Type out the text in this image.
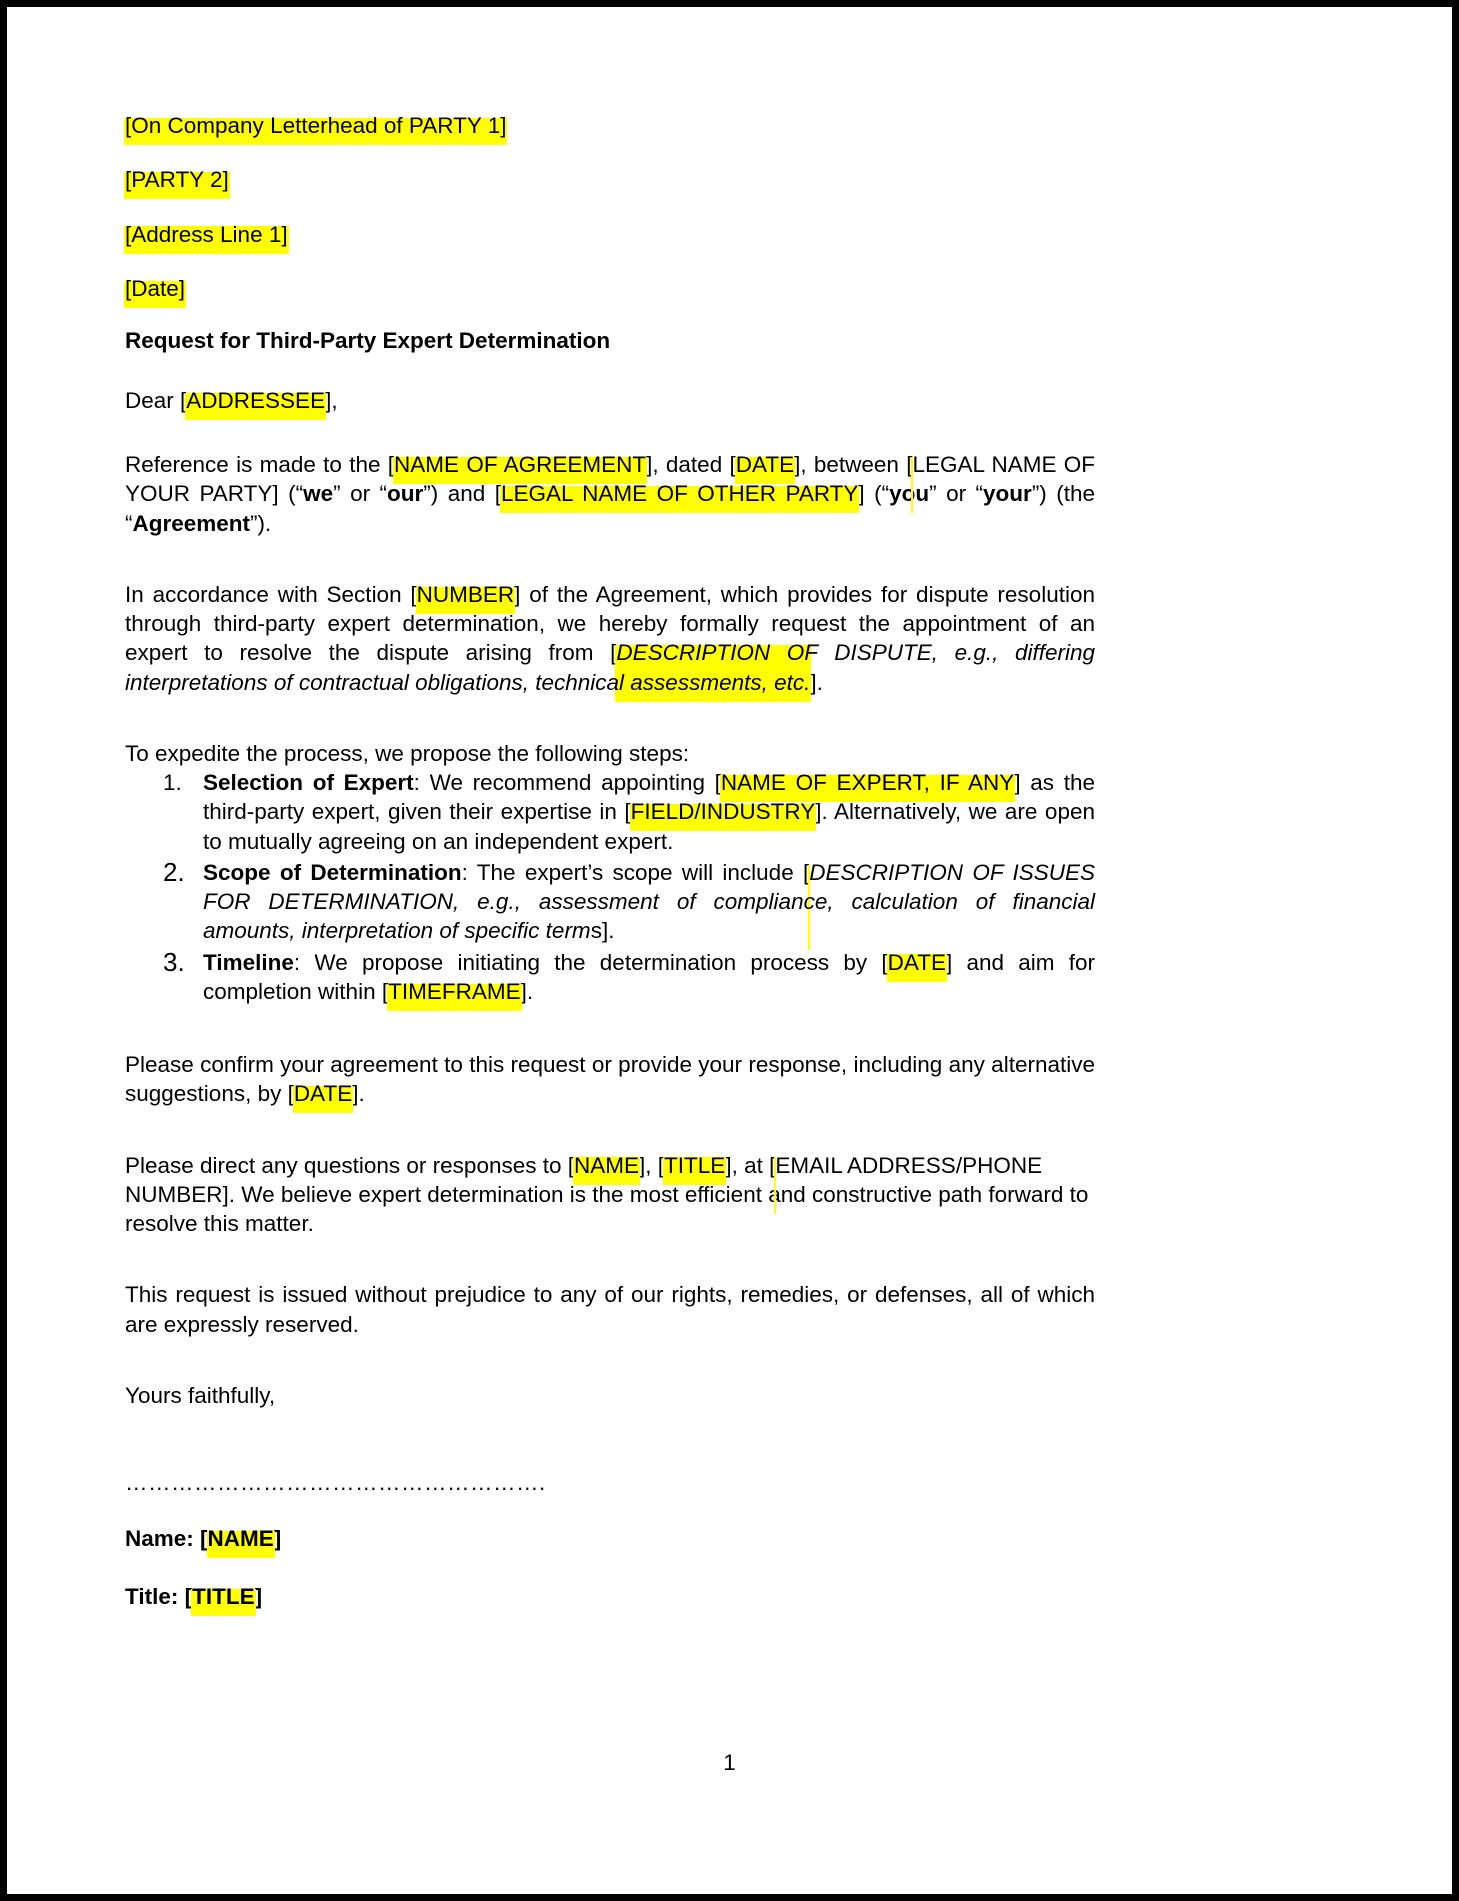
[On Company Letterhead of PARTY 1]
[PARTY 2]
[Address Line 1]
[Date]
Request for Third-Party Expert Determination
Dear [ADDRESSEE],

Reference is made to the [NAME OF AGREEMENT], dated [DATE], between [LEGAL NAME OF YOUR PARTY] (“we” or “our”) and [LEGAL NAME OF OTHER PARTY] (“you” or “your”) (the “Agreement”).

In accordance with Section [NUMBER] of the Agreement, which provides for dispute resolution through third-party expert determination, we hereby formally request the appointment of an expert to resolve the dispute arising from [DESCRIPTION OF DISPUTE, e.g., differing interpretations of contractual obligations, technical assessments, etc.].

To expedite the process, we propose the following steps:

Selection of Expert: We recommend appointing [NAME OF EXPERT, IF ANY] as the third-party expert, given their expertise in [FIELD/INDUSTRY]. Alternatively, we are open to mutually agreeing on an independent expert.
Scope of Determination: The expert’s scope will include [DESCRIPTION OF ISSUES FOR DETERMINATION, e.g., assessment of compliance, calculation of financial amounts, interpretation of specific terms].
Timeline: We propose initiating the determination process by [DATE] and aim for completion within [TIMEFRAME].

Please confirm your agreement to this request or provide your response, including any alternative suggestions, by [DATE].

Please direct any questions or responses to [NAME], [TITLE], at [EMAIL ADDRESS/PHONE NUMBER]. We believe expert determination is the most efficient and constructive path forward to resolve this matter.

This request is issued without prejudice to any of our rights, remedies, or defenses, all of which are expressly reserved.

Yours faithfully,

……………………………………………….
Name: [NAME]
Title: [TITLE]
1
